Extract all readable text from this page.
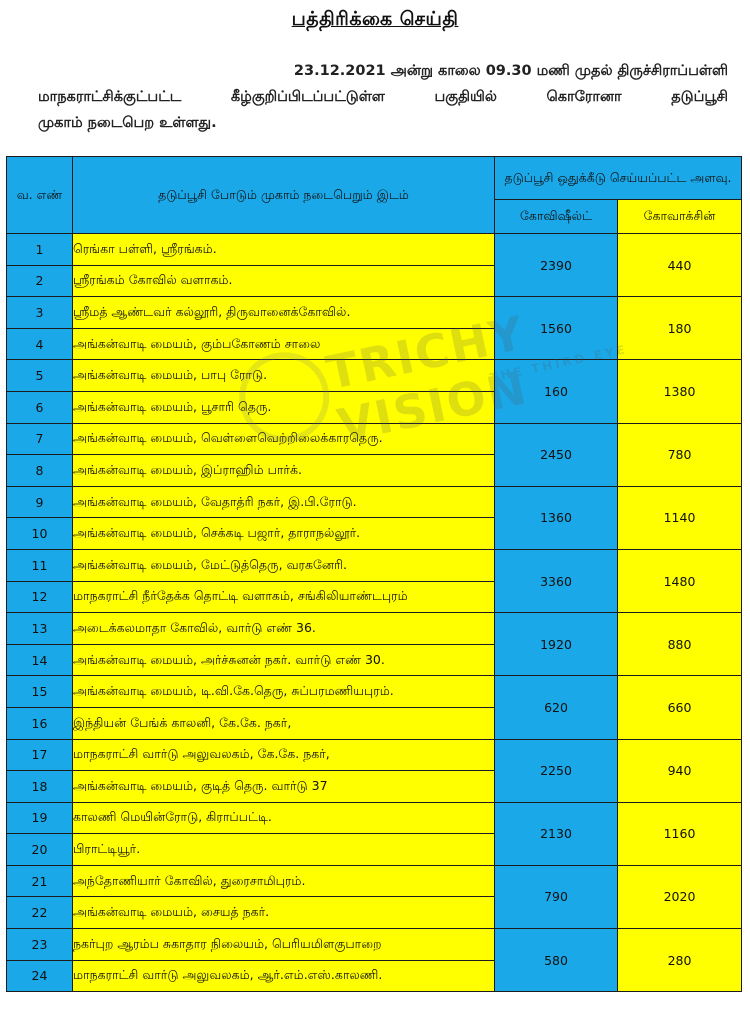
பத்திரிக்கை செய்தி
23.12.2021 அன்று காலை 09.30 மணி முதல் திருச்சிராப்பள்ளி
மாநகராட்சிக்குட்பட்ட கீழ்குறிப்பிடப்பட்டுள்ள பகுதியில் கொரோனா தடுப்பூசி
முகாம் நடைபெற உள்ளது.
வ. எண்	தடுப்பூசி போடும் முகாம் நடைபெறும் இடம்	தடுப்பூசி ஒதுக்கீடு செய்யப்பட்ட அளவு.	
		கோவிஷீல்ட்	கோவாக்சின்
1	ரெங்கா பள்ளி, ஸ்ரீரங்கம்.	2390	440
2	ஸ்ரீரங்கம் கோவில் வளாகம்.		
3	ஸ்ரீமத் ஆண்டவர் கல்லூரி, திருவானைக்கோவில்.	1560	180
4	அங்கன்வாடி மையம், கும்பகோணம் சாலை		
5	அங்கன்வாடி மையம், பாபு ரோடு.	160	1380
6	அங்கன்வாடி மையம், பூசாரி தெரு.		
7	அங்கன்வாடி மையம், வெள்ளைவெற்றிலைக்காரதெரு.	2450	780
8	அங்கன்வாடி மையம், இப்ராஹிம் பார்க்.		
9	அங்கன்வாடி மையம், வேதாத்ரி நகர், இ.பி.ரோடு.	1360	1140
10	அங்கன்வாடி மையம், செக்கடி பஜார், தாராநல்லூர்.		
11	அங்கன்வாடி மையம், மேட்டுத்தெரு, வரகனேரி.	3360	1480
12	மாநகராட்சி நீர்தேக்க தொட்டி வளாகம், சங்கிலியாண்டபுரம்		
13	அடைக்கலமாதா கோவில், வார்டு எண் 36.	1920	880
14	அங்கன்வாடி மையம், அர்ச்சுனன் நகர். வார்டு எண் 30.		
15	அங்கன்வாடி மையம், டி.வி.கே.தெரு, சுப்பரமணியபுரம்.	620	660
16	இந்தியன் பேங்க் காலனி, கே.கே. நகர்,		
17	மாநகராட்சி வார்டு அலுவலகம், கே.கே. நகர்,	2250	940
18	அங்கன்வாடி மையம், குடித் தெரு. வார்டு 37		
19	காலணி மெயின்ரோடு, கிராப்பட்டி.	2130	1160
20	பிராட்டியூர்.		
21	அந்தோணியார் கோவில், துரைசாமிபுரம்.	790	2020
22	அங்கன்வாடி மையம், சையத் நகர்.		
23	நகர்புற ஆரம்ப சுகாதார நிலையம், பெரியமிளகுபாறை	580	280
24	மாநகராட்சி வார்டு அலுவலகம், ஆர்.எம்.எஸ்.காலணி.		
